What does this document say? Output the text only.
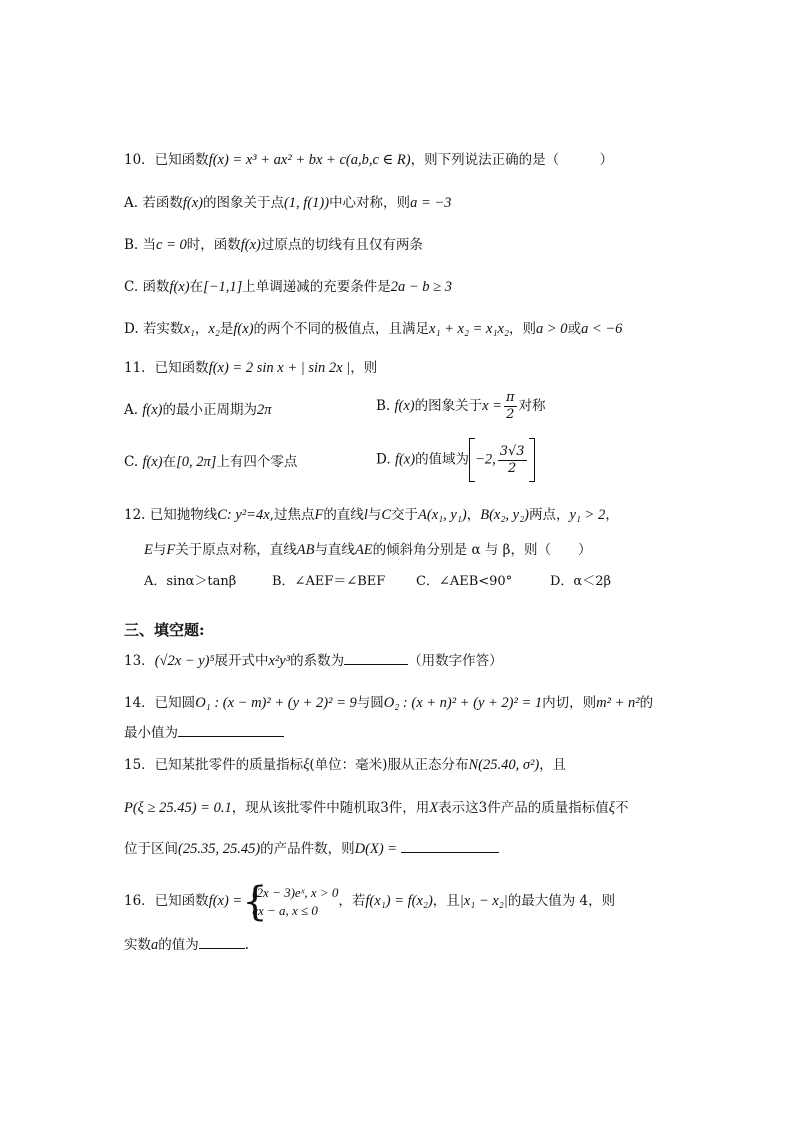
10．已知函数f(x) = x³ + ax² + bx + c(a,b,c ∈ R)，则下列说法正确的是（　　　）
A. 若函数f(x)的图象关于点(1, f(1))中心对称，则a = −3
B. 当c = 0时，函数f(x)过原点的切线有且仅有两条
C. 函数f(x)在[−1,1]上单调递减的充要条件是2a − b ≥ 3
D. 若实数x₁，x₂是f(x)的两个不同的极值点，且满足x₁ + x₂ = x₁x₂，则a > 0或a < −6
11．已知函数f(x) = 2 sin x + | sin 2x |，则
A. f(x)的最小正周期为2π	B. f(x)的图象关于$x = \frac{\pi}{2}$ 对称
C. f(x)在[0, 2π]上有四个零点	D. f(x)的值域为 −2, $\frac{3√3}{2}$
12. 已知抛物线C: y²=4x,过焦点F的直线l与C交于A(x₁, y₁)，B(x₂, y₂)两点，y₁ > 2，
E与F关于原点对称，直线AB与直线AE的倾斜角分别是 α 与 β，则（　　）
A．sinα＞tanβ	B．∠AEF＝∠BEF C．∠AEB<90°	D．α＜2β
三、填空题:
13．(√2x − y)⁵展开式中x²y³的系数为	（用数字作答）
14．已知圆O₁ : (x − m)² + (y + 2)² = 9与圆O₂ : (x + n)² + (y + 2)² = 1内切，则m² + n²的
最小值为
15．已知某批零件的质量指标ξ(单位：毫米)服从正态分布N(25.40, σ²)，且
P(ξ ≥ 25.45) = 0.1，现从该批零件中随机取3件，用X表示这3件产品的质量指标值ξ不
位于区间(25.35, 25.45)的产品件数，则D(X) =
16．已知函数f(x) = {
(2x − 3)eˣ, x > 0
ex − a, x ≤ 0
，若f(x₁) = f(x₂)，且|x₁ − x₂|的最大值为 4，则
实数a的值为	.
